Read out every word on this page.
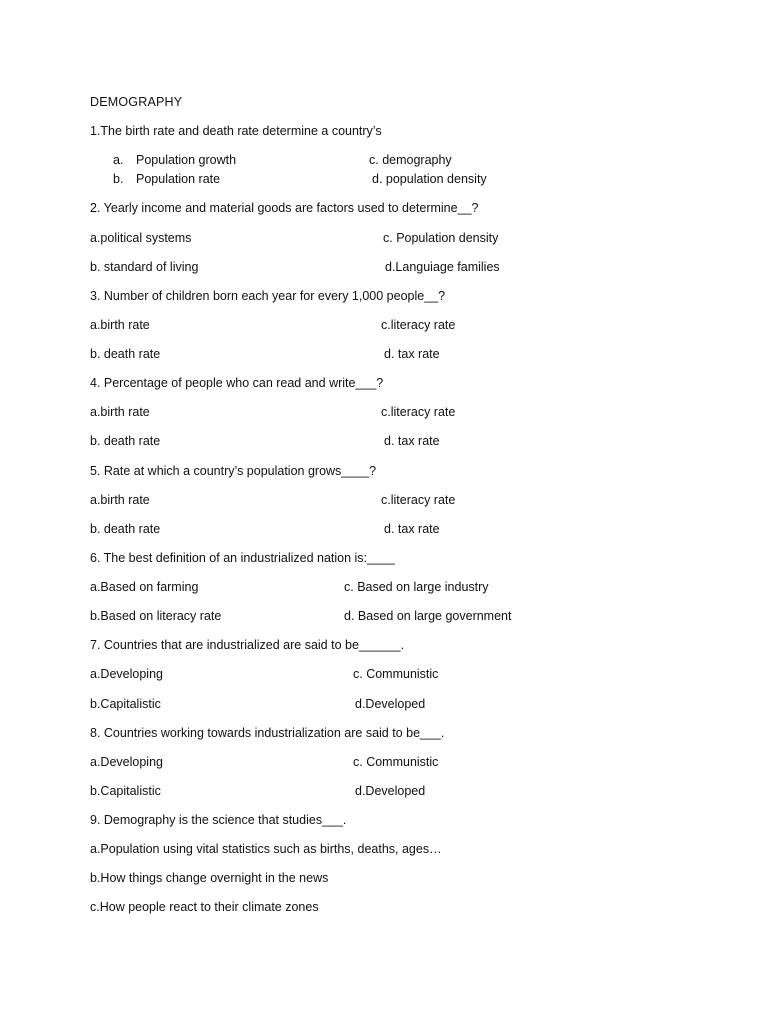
DEMOGRAPHY
1.The birth rate and death rate determine a country’s
a. Population growth	c. demography
b. Population rate	d. population density
2. Yearly income and material goods are factors used to determine__?
a.political systems	c. Population density
b. standard of living	d.Languiage families
3. Number of children born each year for every 1,000 people__?
a.birth rate	c.literacy rate
b. death rate	d. tax rate
4. Percentage of people who can read and write___?
a.birth rate	c.literacy rate
b. death rate	d. tax rate
5. Rate at which a country’s population grows____?
a.birth rate	c.literacy rate
b. death rate	d. tax rate
6. The best definition of an industrialized nation is:____
a.Based on farming	c. Based on large industry
b.Based on literacy rate	d. Based on large government
7. Countries that are industrialized are said to be______.
a.Developing	c. Communistic
b.Capitalistic	d.Developed
8. Countries working towards industrialization are said to be___.
a.Developing	c. Communistic
b.Capitalistic	d.Developed
9. Demography is the science that studies___.
a.Population using vital statistics such as births, deaths, ages…
b.How things change overnight in the news
c.How people react to their climate zones
